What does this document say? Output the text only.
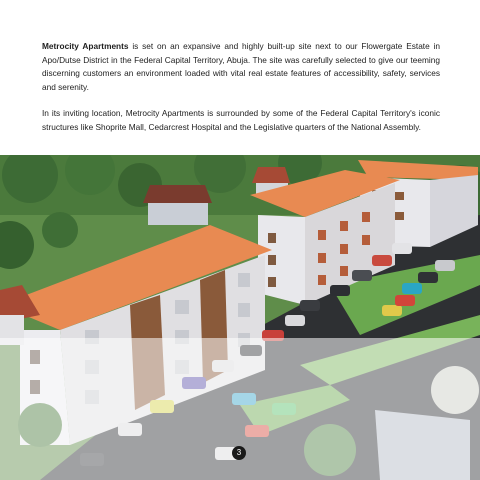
Metrocity Apartments is set on an expansive and highly built-up site next to our Flowergate Estate in Apo/Dutse District in the Federal Capital Territory, Abuja. The site was carefully selected to give our teeming discerning customers an environment loaded with vital real estate features of accessibility, safety, services and serenity.
In its inviting location, Metrocity Apartments is surrounded by some of the Federal Capital Territory's iconic structures like Shoprite Mall, Cedarcrest Hospital and the Legislative quarters of the National Assembly.
3
